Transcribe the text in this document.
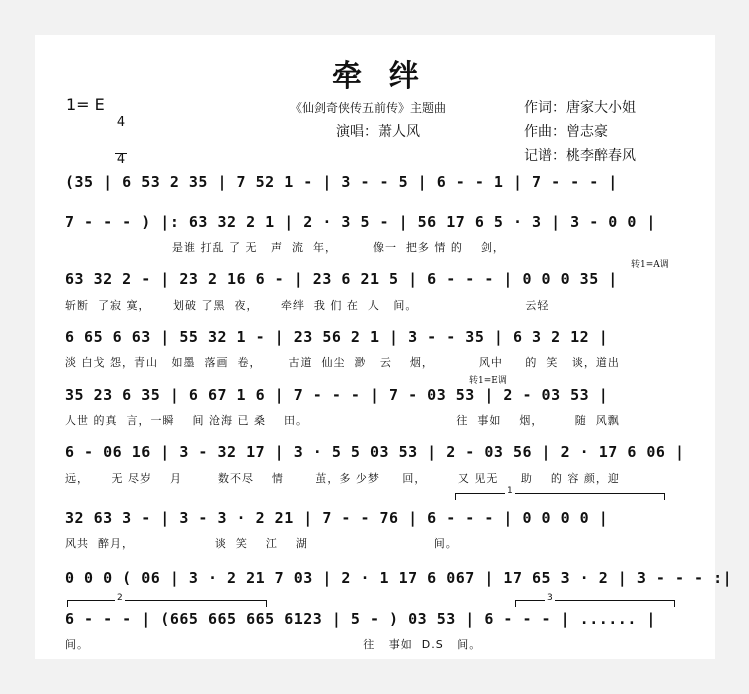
牵  绊
1= E

4

4

《仙剑奇侠传五前传》主题曲
演唱：萧人风
作词：唐家大小姐
作曲：曾志豪
记谱：桃李醉春风
(35 | 6 53 2 35 | 7 52 1 - | 3 - - 5 | 6 - - 1 | 7 - - - |
7 - - - ) |: 63 32 2 1 | 2 · 3 5 - | 56 17 6 5 · 3 | 3 - 0 0 |
是谁 打乱 了 无   声  流  年，        像一  把多 情 的    剑，
转1=A调
63 32 2 - | 23 2 16 6 - | 23 6 21 5 | 6 - - - | 0 0 0 35 |
斩断  了寂 寞，     划破 了黑  夜，     牵绊  我 们 在  人   间。                        云轻
6 65 6 63 | 55 32 1 - | 23 56 2 1 | 3 - - 35 | 6 3 2 12 |
淡 白戈 怨，青山   如墨  落画  卷，      古道  仙尘  渺   云    烟，          风中     的  笑   谈，道出
转1=E调
35 23 6 35 | 6 67 1 6 | 7 - - - | 7 - 03 53 | 2 - 03 53 |
人世 的真  言，一瞬    间 沧海 已 桑    田。                                 往  事如    烟，       随  风飘
6 - 06 16 | 3 - 32 17 | 3 · 5 5 03 53 | 2 - 03 56 | 2 · 17 6 06 |
远，     无 尽岁    月        数不尽    情       茧，多 少梦     回，       又 见无     助    的 容 颜，迎
1
32 63 3 - | 3 - 3 · 2 21 | 7 - - 76 | 6 - - - | 0 0 0 0 |
风共  醉月，                  谈  笑    江    湖                            间。
0 0 0 ( 06 | 3 · 2 21 7 03 | 2 · 1 17 6 067 | 17 65 3 · 2 | 3 - - - :|
2	3
6 - - - | (665 665 665 6123 | 5 - ) 03 53 | 6 - - - | ...... |
间。                                                             往   事如  D.S   间。
